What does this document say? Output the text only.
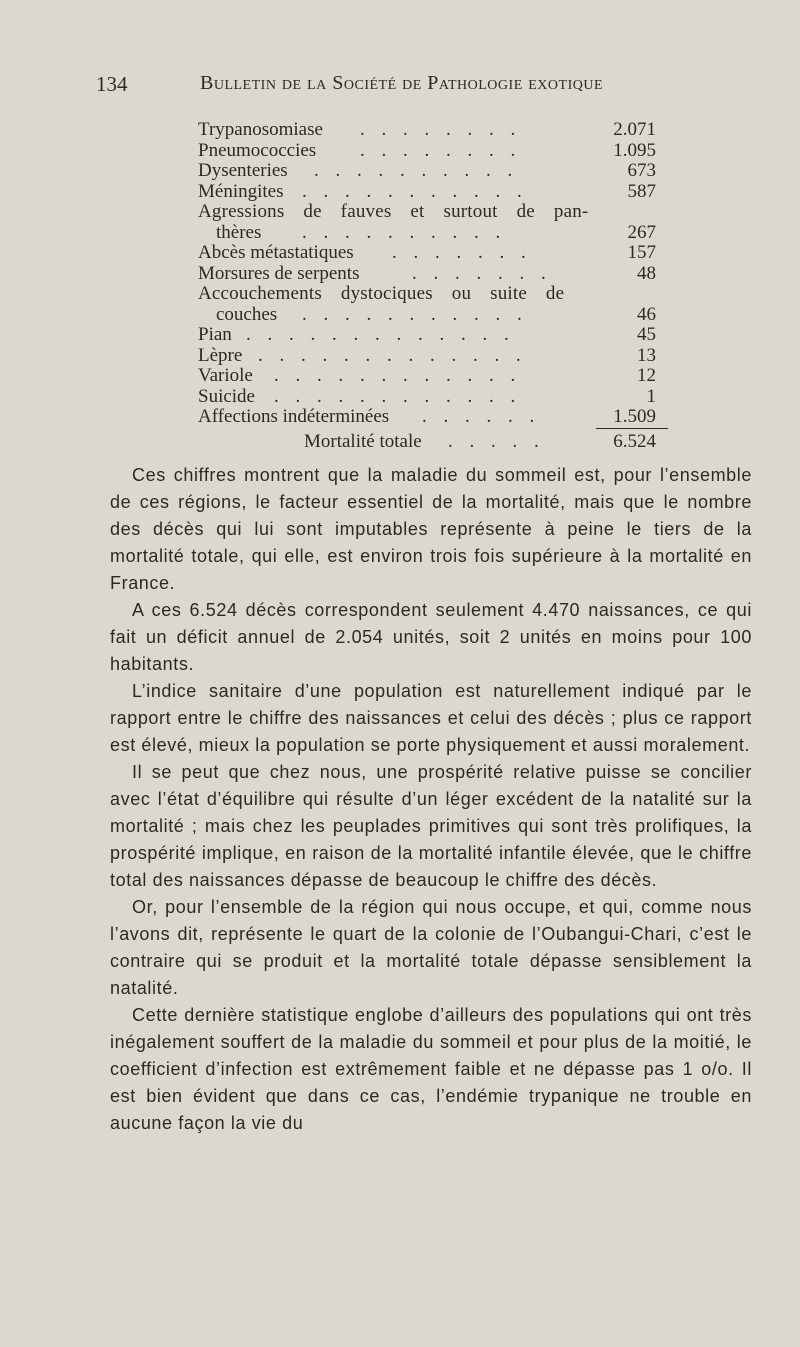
134	Bulletin de la Société de Pathologie exotique
Trypanosomiase . . . . . . . .	2.071
Pneumococcies . . . . . . . .	1.095
Dysenteries . . . . . . . . . .	673
Méningites . . . . . . . . . . .	587
Agressions de fauves et surtout de pan-
thères . . . . . . . . . .	267
Abcès métastatiques . . . . . . .	157
Morsures de serpents	. . . . . . .	48
Accouchements dystociques ou suite de
couches . . . . . . . . . . .	46
Pian . . . . . . . . . . . . .	45
Lèpre . . . . . . . . . . . . .	13
Variole . . . . . . . . . . . .	12
Suicide . . . . . . . . . . . .	1
Affections indéterminées . . . . . .	1.509
Mortalité totale . . . . .	6.524

Ces chiffres montrent que la maladie du sommeil est, pour l’ensemble de ces régions, le facteur essentiel de la mortalité, mais que le nombre des décès qui lui sont imputables représente à peine le tiers de la mortalité totale, qui elle, est environ trois fois supérieure à la mortalité en France.

A ces 6.524 décès correspondent seulement 4.470 naissances, ce qui fait un déficit annuel de 2.054 unités, soit 2 unités en moins pour 100 habitants.

L’indice sanitaire d’une population est naturellement indiqué par le rapport entre le chiffre des naissances et celui des décès ; plus ce rapport est élevé, mieux la population se porte physiquement et aussi moralement.

Il se peut que chez nous, une prospérité relative puisse se concilier avec l’état d’équilibre qui résulte d’un léger excédent de la natalité sur la mortalité ; mais chez les peuplades primitives qui sont très prolifiques, la prospérité implique, en raison de la mortalité infantile élevée, que le chiffre total des naissances dépasse de beaucoup le chiffre des décès.

Or, pour l’ensemble de la région qui nous occupe, et qui, comme nous l’avons dit, représente le quart de la colonie de l’Oubangui-Chari, c’est le contraire qui se produit et la mortalité totale dépasse sensiblement la natalité.

Cette dernière statistique englobe d’ailleurs des populations qui ont très inégalement souffert de la maladie du sommeil et pour plus de la moitié, le coefficient d’infection est extrêmement faible et ne dépasse pas 1 o/o. Il est bien évident que dans ce cas, l’endémie trypanique ne trouble en aucune façon la vie du
